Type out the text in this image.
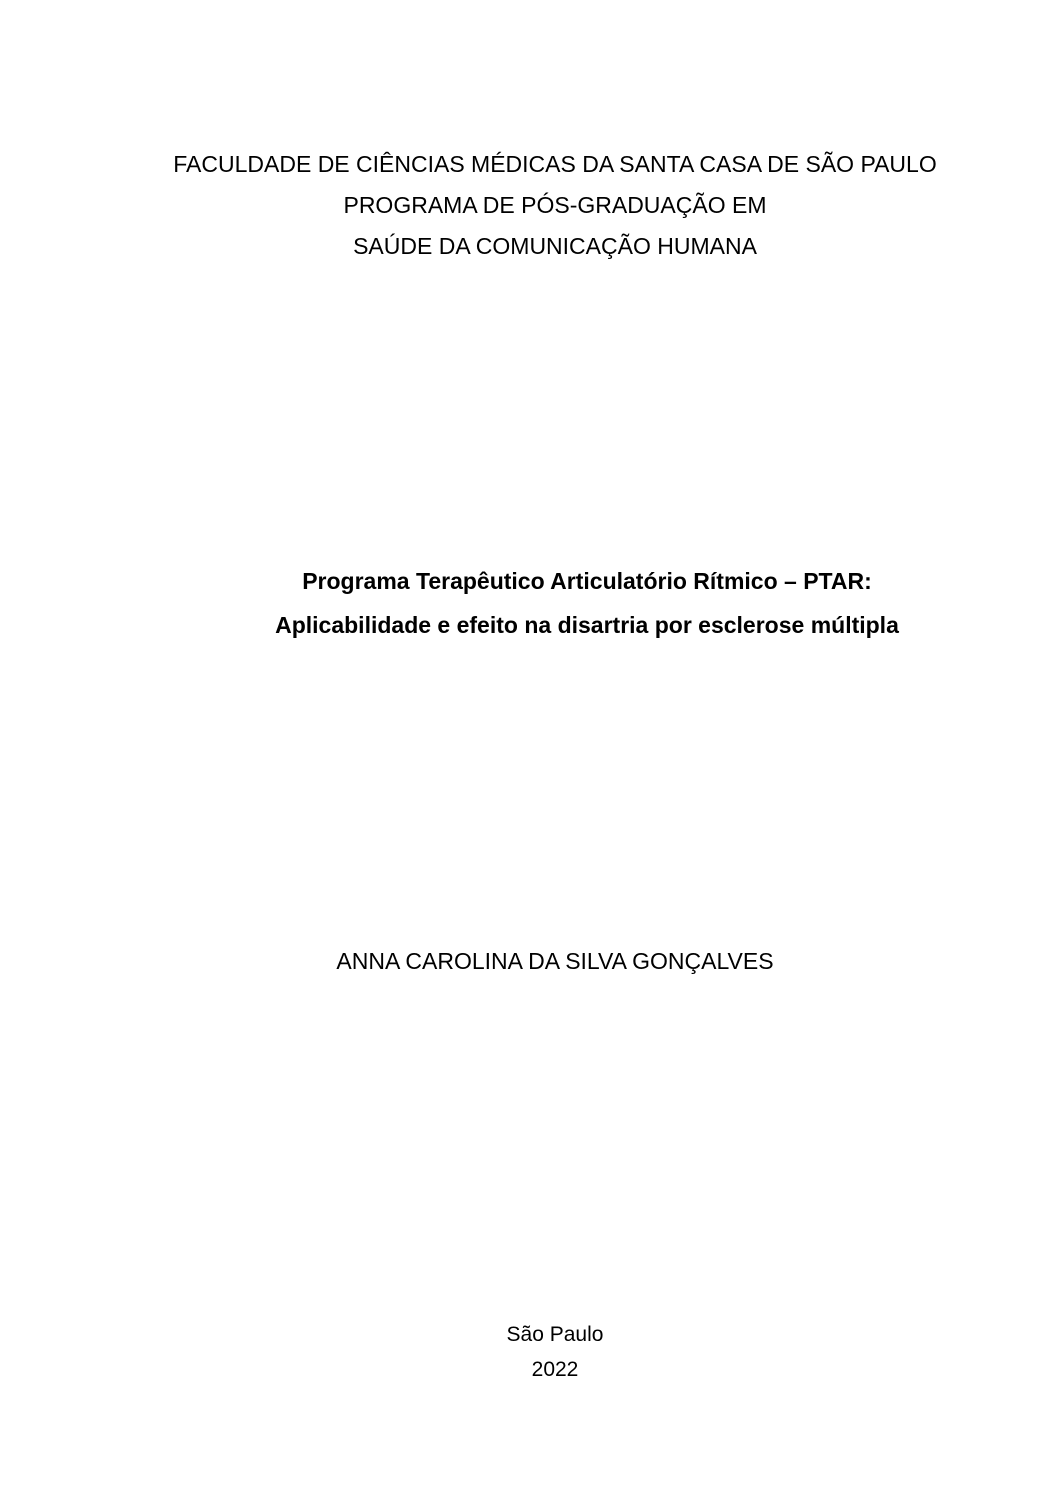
FACULDADE DE CIÊNCIAS MÉDICAS DA SANTA CASA DE SÃO PAULO
PROGRAMA DE PÓS-GRADUAÇÃO EM
SAÚDE DA COMUNICAÇÃO HUMANA
Programa Terapêutico Articulatório Rítmico – PTAR:
Aplicabilidade e efeito na disartria por esclerose múltipla
ANNA CAROLINA DA SILVA GONÇALVES
São Paulo
2022
